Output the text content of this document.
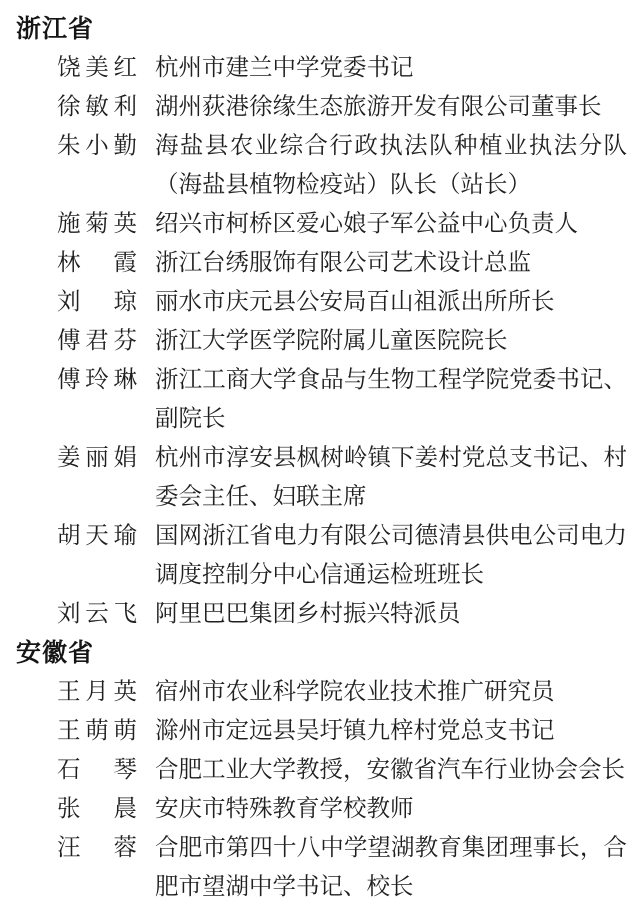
浙江省
饶美红 杭州市建兰中学党委书记
徐敏利 湖州荻港徐缘生态旅游开发有限公司董事长
朱小勤 海盐县农业综合行政执法队种植业执法分队（海盐县植物检疫站）队长（站长）
施菊英 绍兴市柯桥区爱心娘子军公益中心负责人
林　霞 浙江台绣服饰有限公司艺术设计总监
刘　琼 丽水市庆元县公安局百山祖派出所所长
傅君芬 浙江大学医学院附属儿童医院院长
傅玲琳 浙江工商大学食品与生物工程学院党委书记、副院长
姜丽娟 杭州市淳安县枫树岭镇下姜村党总支书记、村委会主任、妇联主席
胡天瑜 国网浙江省电力有限公司德清县供电公司电力调度控制分中心信通运检班班长
刘云飞 阿里巴巴集团乡村振兴特派员
安徽省
王月英 宿州市农业科学院农业技术推广研究员
王萌萌 滁州市定远县吴圩镇九梓村党总支书记
石　琴 合肥工业大学教授，安徽省汽车行业协会会长
张　晨 安庆市特殊教育学校教师
汪　蓉 合肥市第四十八中学望湖教育集团理事长，合肥市望湖中学书记、校长
